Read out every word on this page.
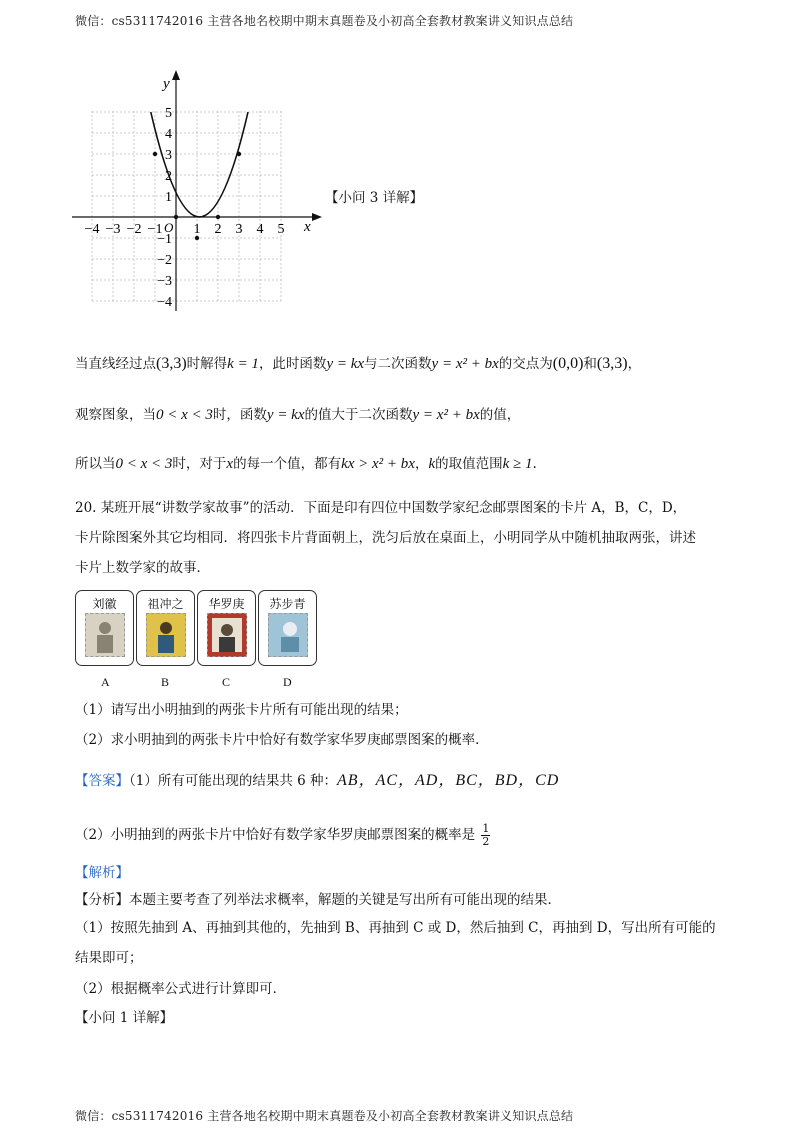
微信：cs5311742016 主营各地名校期中期末真题卷及小初高全套教材教案讲义知识点总结
y
x
O
−4 −3 −2 −1 1 2 3 4 5
5
4
3
2
1
−1
−2
−3
−4
【小问 3 详解】
当直线经过点(3,3)时解得k = 1，此时函数y = kx与二次函数y = x² + bx的交点为(0,0)和(3,3)，
观察图象，当0 < x < 3时，函数y = kx的值大于二次函数y = x² + bx的值，
所以当0 < x < 3时，对于x的每一个值，都有kx > x² + bx，k的取值范围k ≥ 1.
20. 某班开展“讲数学家故事”的活动．下面是印有四位中国数学家纪念邮票图案的卡片 A，B，C，D，
卡片除图案外其它均相同．将四张卡片背面朝上，洗匀后放在桌面上，小明同学从中随机抽取两张，讲述
卡片上数学家的故事．
刘徽	祖冲之	华罗庚	苏步青
A	B	C	D
（1）请写出小明抽到的两张卡片所有可能出现的结果；
（2）求小明抽到的两张卡片中恰好有数学家华罗庚邮票图案的概率．
【答案】（1）所有可能出现的结果共 6 种：AB，AC，AD，BC，BD，CD
（2）小明抽到的两张卡片中恰好有数学家华罗庚邮票图案的概率是 $\frac{1}{2}$
【解析】
【分析】本题主要考查了列举法求概率，解题的关键是写出所有可能出现的结果．
（1）按照先抽到 A、再抽到其他的，先抽到 B、再抽到 C 或 D，然后抽到 C，再抽到 D，写出所有可能的
结果即可；
（2）根据概率公式进行计算即可．
【小问 1 详解】
微信：cs5311742016 主营各地名校期中期末真题卷及小初高全套教材教案讲义知识点总结
